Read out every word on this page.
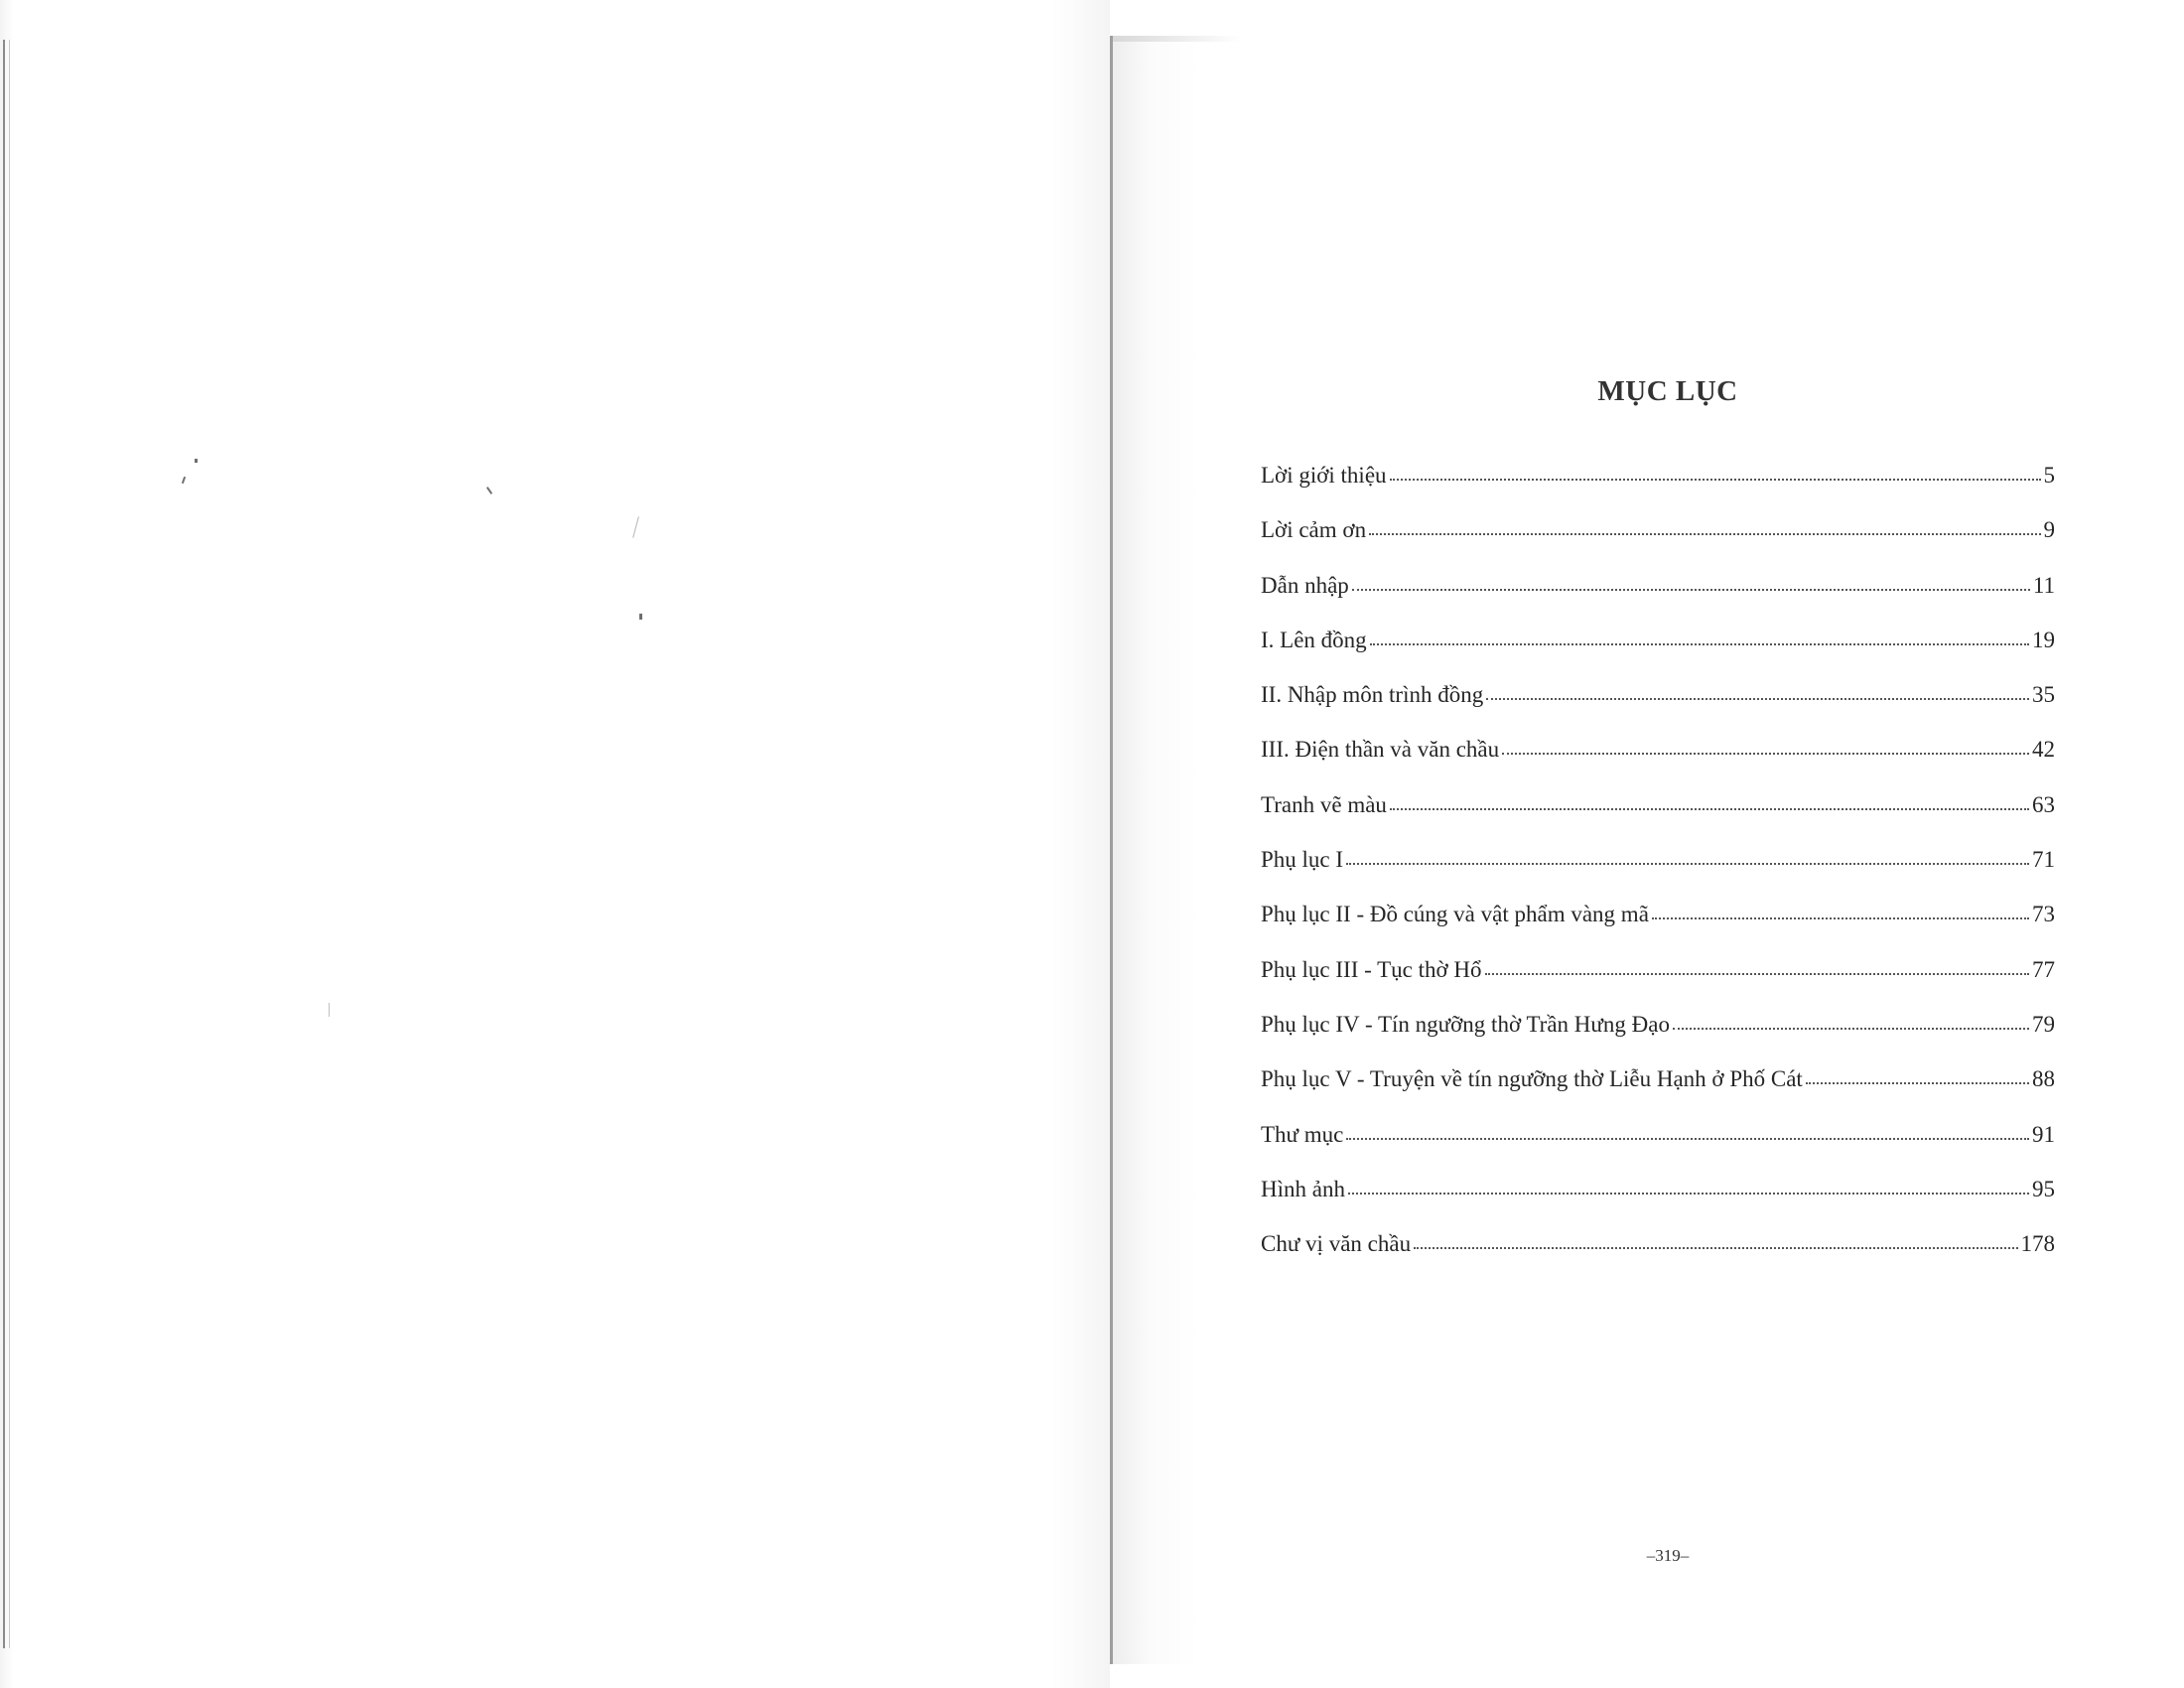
MỤC LỤC
Lời giới thiệu	5
Lời cảm ơn	9
Dẫn nhập	11
I. Lên đồng	19
II. Nhập môn trình đồng	35
III. Điện thần và văn chầu	42
Tranh vẽ màu	63
Phụ lục I	71
Phụ lục II - Đồ cúng và vật phẩm vàng mã	73
Phụ lục III - Tục thờ Hổ	77
Phụ lục IV - Tín ngưỡng thờ Trần Hưng Đạo	79
Phụ lục V - Truyện về tín ngưỡng thờ Liễu Hạnh ở Phố Cát	88
Thư mục	91
Hình ảnh	95
Chư vị văn chầu	178
–319–
